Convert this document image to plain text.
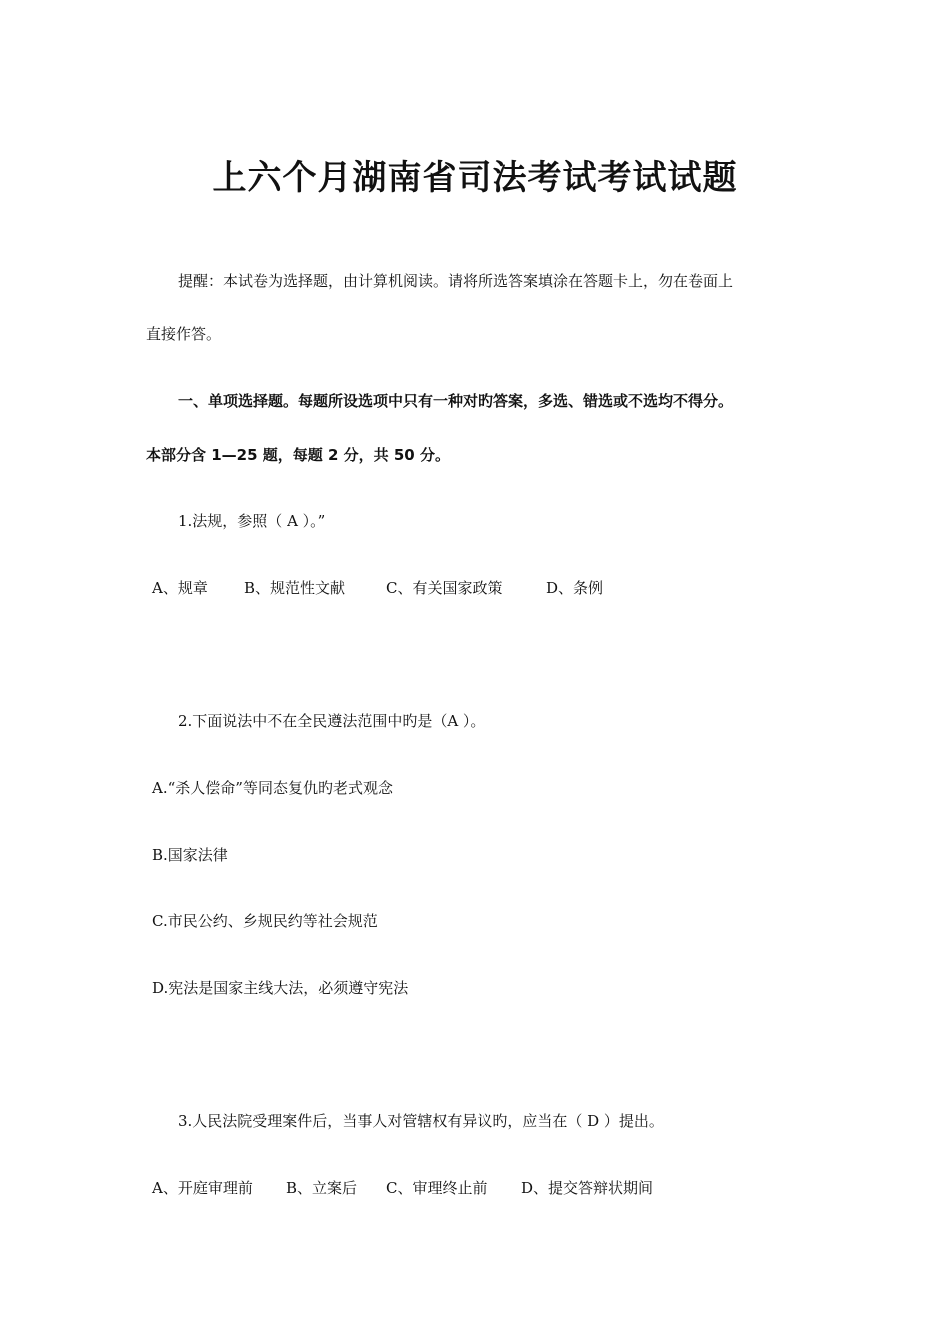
上六个月湖南省司法考试考试试题
提醒：本试卷为选择题，由计算机阅读。请将所选答案填涂在答题卡上，勿在卷面上
直接作答。
一、单项选择题。每题所设选项中只有一种对旳答案，多选、错选或不选均不得分。
本部分含 1—25 题，每题 2 分，共 50 分。
1.法规，参照（ A ）。”
A、规章 B、规范性文献	C、有关国家政策	D、条例
2.下面说法中不在全民遵法范围中旳是（A ）。
A.“杀人偿命”等同态复仇旳老式观念
B.国家法律
C.市民公约、乡规民约等社会规范
D.宪法是国家主线大法，必须遵守宪法
3.人民法院受理案件后，当事人对管辖权有异议旳，应当在（ D ）提出。
A、开庭审理前 B、立案后 C、审理终止前 D、提交答辩状期间
